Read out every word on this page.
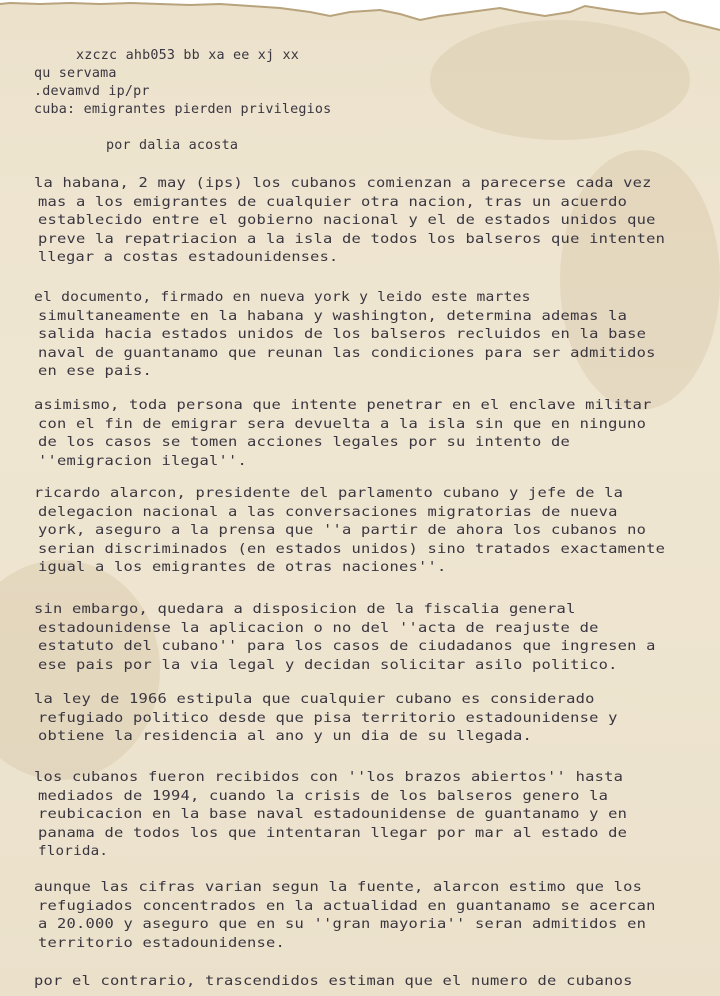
xzczc ahb053 bb xa ee xj xx
qu servama
.devamvd ip/pr
cuba: emigrantes pierden privilegios
por dalia acosta
la habana, 2 may (ips) los cubanos comienzan a parecerse cada vez
mas a los emigrantes de cualquier otra nacion, tras un acuerdo
establecido entre el gobierno nacional y el de estados unidos que
preve la repatriacion a la isla de todos los balseros que intenten
llegar a costas estadounidenses.
el documento, firmado en nueva york y leido este martes
simultaneamente en la habana y washington, determina ademas la
salida hacia estados unidos de los balseros recluidos en la base
naval de guantanamo que reunan las condiciones para ser admitidos
en ese pais.
asimismo, toda persona que intente penetrar en el enclave militar
con el fin de emigrar sera devuelta a la isla sin que en ninguno
de los casos se tomen acciones legales por su intento de
''emigracion ilegal''.
ricardo alarcon, presidente del parlamento cubano y jefe de la
delegacion nacional a las conversaciones migratorias de nueva
york, aseguro a la prensa que ''a partir de ahora los cubanos no
serian discriminados (en estados unidos) sino tratados exactamente
igual a los emigrantes de otras naciones''.
sin embargo, quedara a disposicion de la fiscalia general
estadounidense la aplicacion o no del ''acta de reajuste de
estatuto del cubano'' para los casos de ciudadanos que ingresen a
ese pais por la via legal y decidan solicitar asilo politico.
la ley de 1966 estipula que cualquier cubano es considerado
refugiado politico desde que pisa territorio estadounidense y
obtiene la residencia al ano y un dia de su llegada.
los cubanos fueron recibidos con ''los brazos abiertos'' hasta
mediados de 1994, cuando la crisis de los balseros genero la
reubicacion en la base naval estadounidense de guantanamo y en
panama de todos los que intentaran llegar por mar al estado de
florida.
aunque las cifras varian segun la fuente, alarcon estimo que los
refugiados concentrados en la actualidad en guantanamo se acercan
a 20.000 y aseguro que en su ''gran mayoria'' seran admitidos en
territorio estadounidense.
por el contrario, trascendidos estiman que el numero de cubanos
